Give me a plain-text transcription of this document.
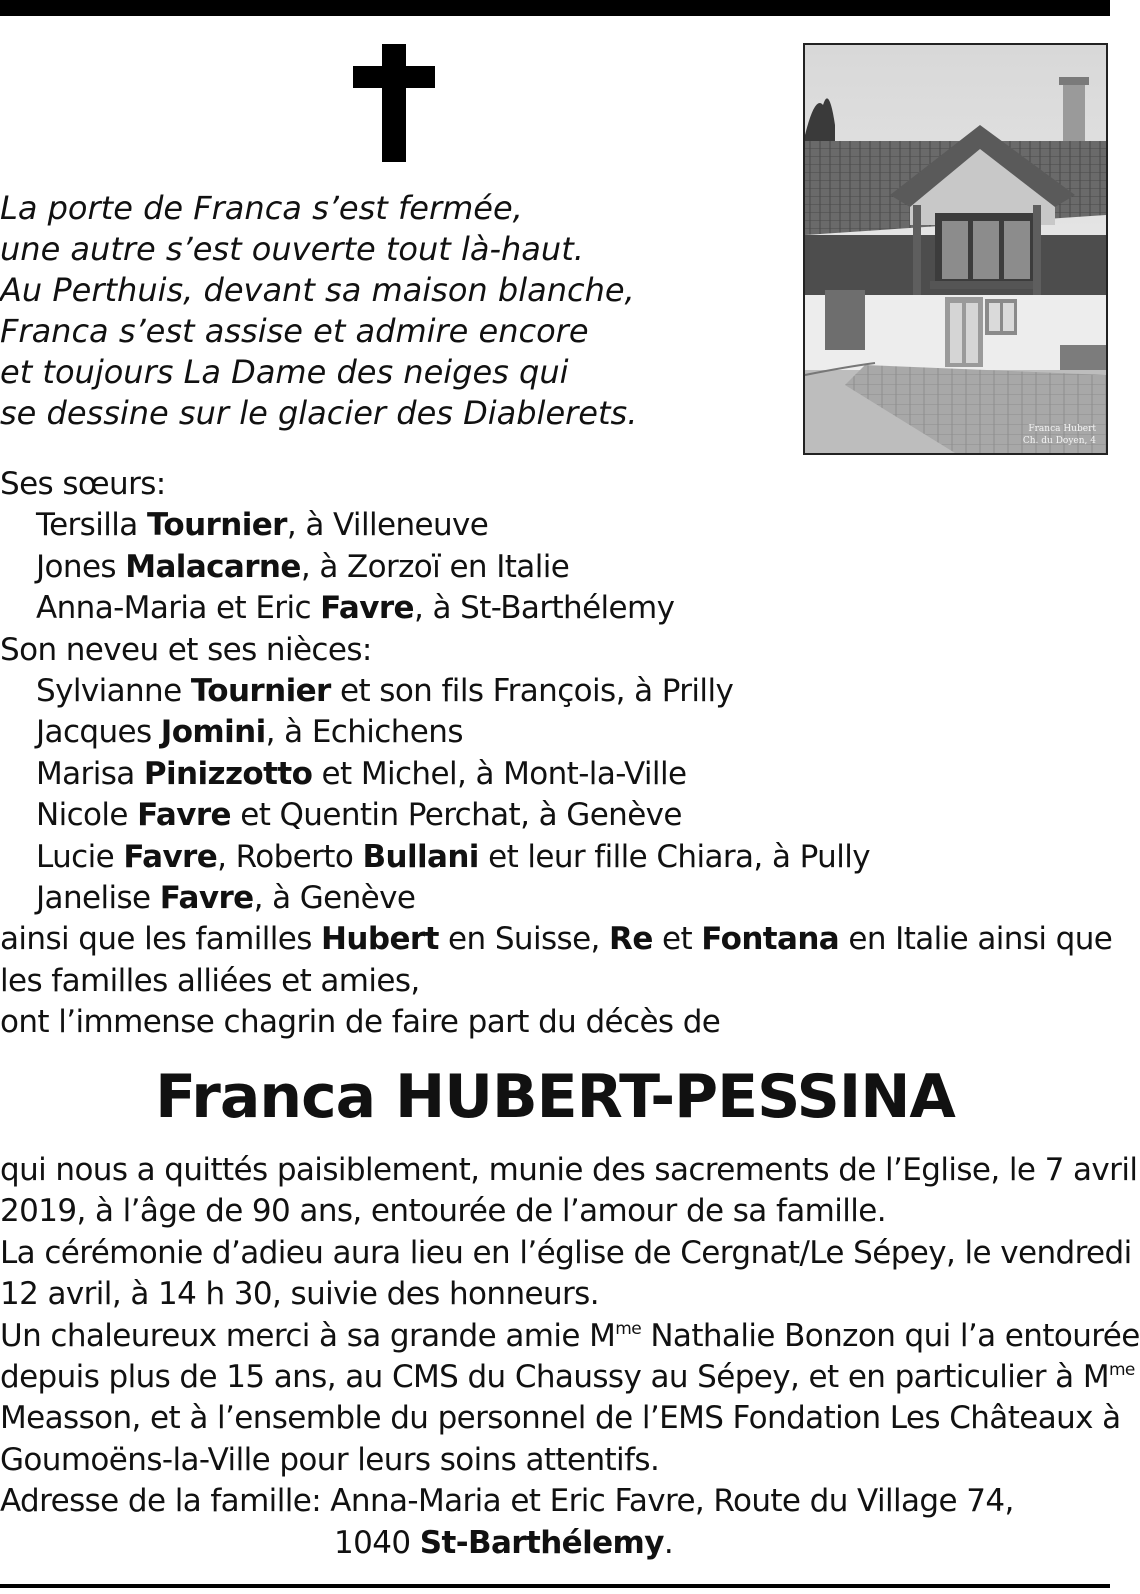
La porte de Franca s’est fermée,
une autre s’est ouverte tout là-haut.
Au Perthuis, devant sa maison blanche,
Franca s’est assise et admire encore
et toujours La Dame des neiges qui
se dessine sur le glacier des Diablerets.	Franca Hubert
Ch. du Doyen, 4
Ses sœurs:
Tersilla Tournier, à Villeneuve
Jones Malacarne, à Zorzoï en Italie
Anna-Maria et Eric Favre, à St-Barthélemy
Son neveu et ses nièces:
Sylvianne Tournier et son fils François, à Prilly
Jacques Jomini, à Echichens
Marisa Pinizzotto et Michel, à Mont-la-Ville
Nicole Favre et Quentin Perchat, à Genève
Lucie Favre, Roberto Bullani et leur fille Chiara, à Pully
Janelise Favre, à Genève
ainsi que les familles Hubert en Suisse, Re et Fontana en Italie ainsi que
les familles alliées et amies,
ont l’immense chagrin de faire part du décès de
Franca HUBERT-PESSINA
qui nous a quittés paisiblement, munie des sacrements de l’Eglise, le 7 avril
2019, à l’âge de 90 ans, entourée de l’amour de sa famille.
La cérémonie d’adieu aura lieu en l’église de Cergnat/Le Sépey, le vendredi
12 avril, à 14 h 30, suivie des honneurs.
Un chaleureux merci à sa grande amie $M^{me}$ Nathalie Bonzon qui l’a entourée
depuis plus de 15 ans, au CMS du Chaussy au Sépey, et en particulier à $M^{me}$
Measson, et à l’ensemble du personnel de l’EMS Fondation Les Châteaux à
Goumoëns-la-Ville pour leurs soins attentifs.
Adresse de la famille: Anna-Maria et Eric Favre, Route du Village 74,
1040 St-Barthélemy.
